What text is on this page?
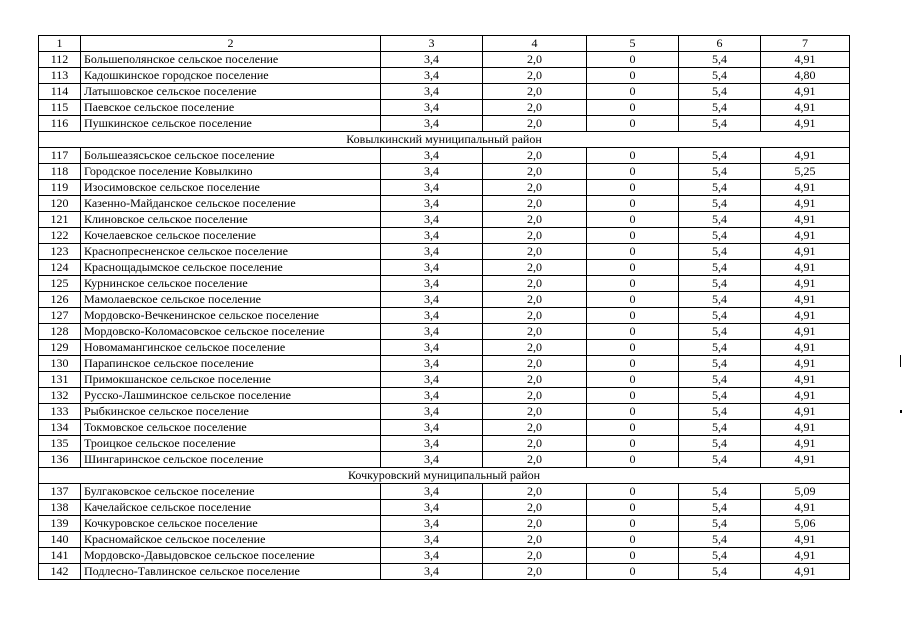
1	2	3	4	5	6	7
112	Большеполянское сельское поселение	3,4	2,0	0	5,4	4,91
113	Кадошкинское городское поселение	3,4	2,0	0	5,4	4,80
114	Латышовское сельское поселение	3,4	2,0	0	5,4	4,91
115	Паевское сельское поселение	3,4	2,0	0	5,4	4,91
116	Пушкинское сельское поселение	3,4	2,0	0	5,4	4,91
Ковылкинский муниципальный район						
117	Большеазясьское сельское поселение	3,4	2,0	0	5,4	4,91
118	Городское поселение Ковылкино	3,4	2,0	0	5,4	5,25
119	Изосимовское сельское поселение	3,4	2,0	0	5,4	4,91
120	Казенно-Майданское сельское поселение	3,4	2,0	0	5,4	4,91
121	Клиновское сельское поселение	3,4	2,0	0	5,4	4,91
122	Кочелаевское сельское поселение	3,4	2,0	0	5,4	4,91
123	Краснопресненское сельское поселение	3,4	2,0	0	5,4	4,91
124	Краснощадымское сельское поселение	3,4	2,0	0	5,4	4,91
125	Курнинское сельское поселение	3,4	2,0	0	5,4	4,91
126	Мамолаевское сельское поселение	3,4	2,0	0	5,4	4,91
127	Мордовско-Вечкенинское сельское поселение	3,4	2,0	0	5,4	4,91
128	Мордовско-Коломасовское сельское поселение	3,4	2,0	0	5,4	4,91
129	Новомамангинское сельское поселение	3,4	2,0	0	5,4	4,91
130	Парапинское сельское поселение	3,4	2,0	0	5,4	4,91
131	Примокшанское сельское поселение	3,4	2,0	0	5,4	4,91
132	Русско-Лашминское сельское поселение	3,4	2,0	0	5,4	4,91
133	Рыбкинское сельское поселение	3,4	2,0	0	5,4	4,91
134	Токмовское сельское поселение	3,4	2,0	0	5,4	4,91
135	Троицкое сельское поселение	3,4	2,0	0	5,4	4,91
136	Шингаринское сельское поселение	3,4	2,0	0	5,4	4,91
Кочкуровский муниципальный район						
137	Булгаковское сельское поселение	3,4	2,0	0	5,4	5,09
138	Качелайское сельское поселение	3,4	2,0	0	5,4	4,91
139	Кочкуровское сельское поселение	3,4	2,0	0	5,4	5,06
140	Красномайское сельское поселение	3,4	2,0	0	5,4	4,91
141	Мордовско-Давыдовское сельское поселение	3,4	2,0	0	5,4	4,91
142	Подлесно-Тавлинское сельское поселение	3,4	2,0	0	5,4	4,91
